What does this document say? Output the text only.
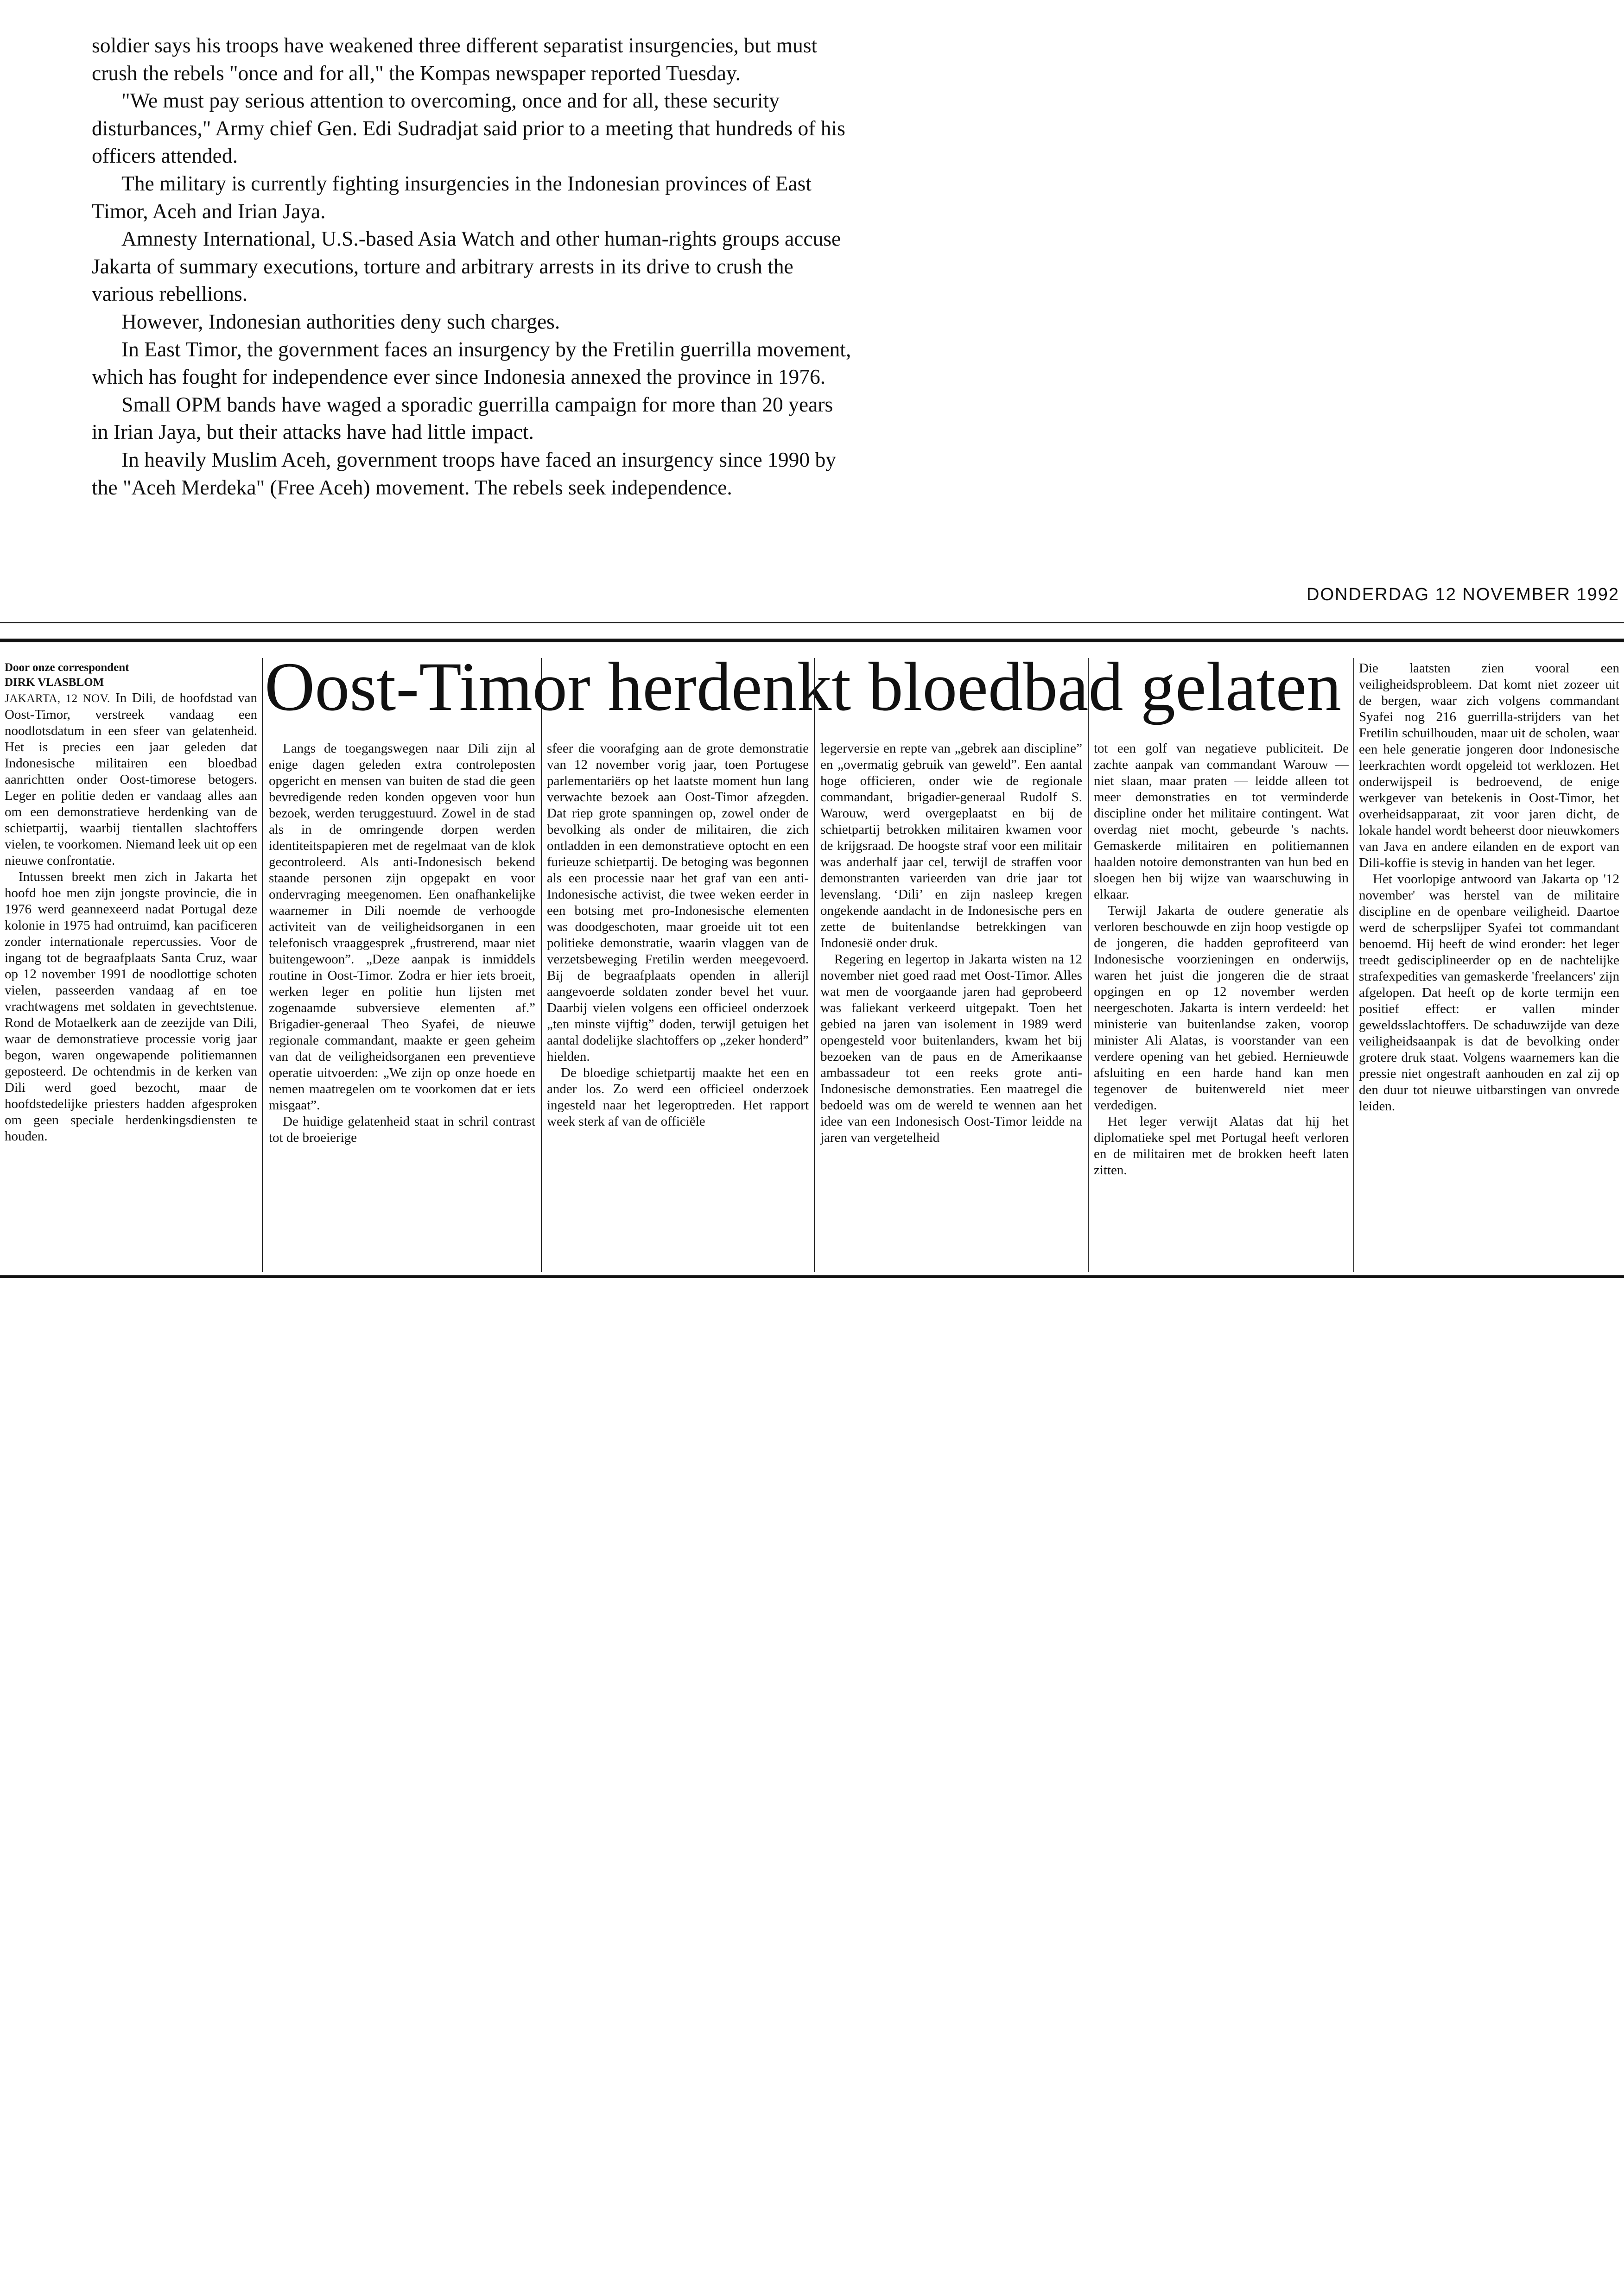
soldier says his troops have weakened three different separatist insurgencies, but must crush the rebels "once and for all," the Kompas newspaper reported Tuesday.

"We must pay serious attention to overcoming, once and for all, these security disturbances," Army chief Gen. Edi Sudradjat said prior to a meeting that hundreds of his officers attended.

The military is currently fighting insurgencies in the Indonesian provinces of East Timor, Aceh and Irian Jaya.

Amnesty International, U.S.-based Asia Watch and other human-rights groups accuse Jakarta of summary executions, torture and arbitrary arrests in its drive to crush the various rebellions.

However, Indonesian authorities deny such charges.

In East Timor, the government faces an insurgency by the Fretilin guerrilla movement, which has fought for independence ever since Indonesia annexed the province in 1976.

Small OPM bands have waged a sporadic guerrilla campaign for more than 20 years in Irian Jaya, but their attacks have had little impact.

In heavily Muslim Aceh, government troops have faced an insurgency since 1990 by the "Aceh Merdeka" (Free Aceh) movement. The rebels seek independence.

DONDERDAG 12 NOVEMBER 1992
Oost-Timor herdenkt bloedbad gelaten
Door onze correspondent
DIRK VLASBLOM

JAKARTA, 12 NOV. In Dili, de hoofdstad van Oost-Timor, verstreek vandaag een noodlotsdatum in een sfeer van gelatenheid. Het is precies een jaar geleden dat Indonesische militairen een bloedbad aanrichtten onder Oost-timorese betogers. Leger en politie deden er vandaag alles aan om een demonstratieve herdenking van de schietpartij, waarbij tientallen slachtoffers vielen, te voorkomen. Niemand leek uit op een nieuwe confrontatie.

Intussen breekt men zich in Jakarta het hoofd hoe men zijn jongste provincie, die in 1976 werd geannexeerd nadat Portugal deze kolonie in 1975 had ontruimd, kan pacificeren zonder internationale repercussies. Voor de ingang tot de begraafplaats Santa Cruz, waar op 12 november 1991 de noodlottige schoten vielen, passeerden vandaag af en toe vrachtwagens met soldaten in gevechtstenue. Rond de Motaelkerk aan de zeezijde van Dili, waar de demonstratieve processie vorig jaar begon, waren ongewapende politiemannen geposteerd. De ochtendmis in de kerken van Dili werd goed bezocht, maar de hoofdstedelijke priesters hadden afgesproken om geen speciale herdenkingsdiensten te houden.

Langs de toegangswegen naar Dili zijn al enige dagen geleden extra controleposten opgericht en mensen van buiten de stad die geen bevredigende reden konden opgeven voor hun bezoek, werden teruggestuurd. Zowel in de stad als in de omringende dorpen werden identiteitspapieren met de regelmaat van de klok gecontroleerd. Als anti-Indonesisch bekend staande personen zijn opgepakt en voor ondervraging meegenomen. Een onafhankelijke waarnemer in Dili noemde de verhoogde activiteit van de veiligheidsorganen in een telefonisch vraaggesprek „frustrerend, maar niet buitengewoon”. „Deze aanpak is inmiddels routine in Oost-Timor. Zodra er hier iets broeit, werken leger en politie hun lijsten met zogenaamde subversieve elementen af.” Brigadier-generaal Theo Syafei, de nieuwe regionale commandant, maakte er geen geheim van dat de veiligheidsorganen een preventieve operatie uitvoerden: „We zijn op onze hoede en nemen maatregelen om te voorkomen dat er iets misgaat”.

De huidige gelatenheid staat in schril contrast tot de broeierige

sfeer die voorafging aan de grote demonstratie van 12 november vorig jaar, toen Portugese parlementariërs op het laatste moment hun lang verwachte bezoek aan Oost-Timor afzegden. Dat riep grote spanningen op, zowel onder de bevolking als onder de militairen, die zich ontladden in een demonstratieve optocht en een furieuze schietpartij. De betoging was begonnen als een processie naar het graf van een anti-Indonesische activist, die twee weken eerder in een botsing met pro-Indonesische elementen was doodgeschoten, maar groeide uit tot een politieke demonstratie, waarin vlaggen van de verzetsbeweging Fretilin werden meegevoerd. Bij de begraafplaats openden in allerijl aangevoerde soldaten zonder bevel het vuur. Daarbij vielen volgens een officieel onderzoek „ten minste vijftig” doden, terwijl getuigen het aantal dodelijke slachtoffers op „zeker honderd” hielden.

De bloedige schietpartij maakte het een en ander los. Zo werd een officieel onderzoek ingesteld naar het legeroptreden. Het rapport week sterk af van de officiële

legerversie en repte van „gebrek aan discipline” en „overmatig gebruik van geweld”. Een aantal hoge officieren, onder wie de regionale commandant, brigadier-generaal Rudolf S. Warouw, werd overgeplaatst en bij de schietpartij betrokken militairen kwamen voor de krijgsraad. De hoogste straf voor een militair was anderhalf jaar cel, terwijl de straffen voor demonstranten varieerden van drie jaar tot levenslang. ‘Dili’ en zijn nasleep kregen ongekende aandacht in de Indonesische pers en zette de buitenlandse betrekkingen van Indonesië onder druk.

Regering en legertop in Jakarta wisten na 12 november niet goed raad met Oost-Timor. Alles wat men de voorgaande jaren had geprobeerd was faliekant verkeerd uitgepakt. Toen het gebied na jaren van isolement in 1989 werd opengesteld voor buitenlanders, kwam het bij bezoeken van de paus en de Amerikaanse ambassadeur tot een reeks grote anti-Indonesische demonstraties. Een maatregel die bedoeld was om de wereld te wennen aan het idee van een Indonesisch Oost-Timor leidde na jaren van vergetelheid

tot een golf van negatieve publiciteit. De zachte aanpak van commandant Warouw — niet slaan, maar praten — leidde alleen tot meer demonstraties en tot verminderde discipline onder het militaire contingent. Wat overdag niet mocht, gebeurde 's nachts. Gemaskerde militairen en politiemannen haalden notoire demonstranten van hun bed en sloegen hen bij wijze van waarschuwing in elkaar.

Terwijl Jakarta de oudere generatie als verloren beschouwde en zijn hoop vestigde op de jongeren, die hadden geprofiteerd van Indonesische voorzieningen en onderwijs, waren het juist die jongeren die de straat opgingen en op 12 november werden neergeschoten. Jakarta is intern verdeeld: het ministerie van buitenlandse zaken, voorop minister Ali Alatas, is voorstander van een verdere opening van het gebied. Hernieuwde afsluiting en een harde hand kan men tegenover de buitenwereld niet meer verdedigen.

Het leger verwijt Alatas dat hij het diplomatieke spel met Portugal heeft verloren en de militairen met de brokken heeft laten zitten.

Die laatsten zien vooral een veiligheidsprobleem. Dat komt niet zozeer uit de bergen, waar zich volgens commandant Syafei nog 216 guerrilla-strijders van het Fretilin schuilhouden, maar uit de scholen, waar een hele generatie jongeren door Indonesische leerkrachten wordt opgeleid tot werklozen. Het onderwijspeil is bedroevend, de enige werkgever van betekenis in Oost-Timor, het overheidsapparaat, zit voor jaren dicht, de lokale handel wordt beheerst door nieuwkomers van Java en andere eilanden en de export van Dili-koffie is stevig in handen van het leger.

Het voorlopige antwoord van Jakarta op '12 november' was herstel van de militaire discipline en de openbare veiligheid. Daartoe werd de scherpslijper Syafei tot commandant benoemd. Hij heeft de wind eronder: het leger treedt gedisciplineerder op en de nachtelijke strafexpedities van gemaskerde 'freelancers' zijn afgelopen. Dat heeft op de korte termijn een positief effect: er vallen minder geweldsslachtoffers. De schaduwzijde van deze veiligheidsaanpak is dat de bevolking onder grotere druk staat. Volgens waarnemers kan die pressie niet ongestraft aanhouden en zal zij op den duur tot nieuwe uitbarstingen van onvrede leiden.
